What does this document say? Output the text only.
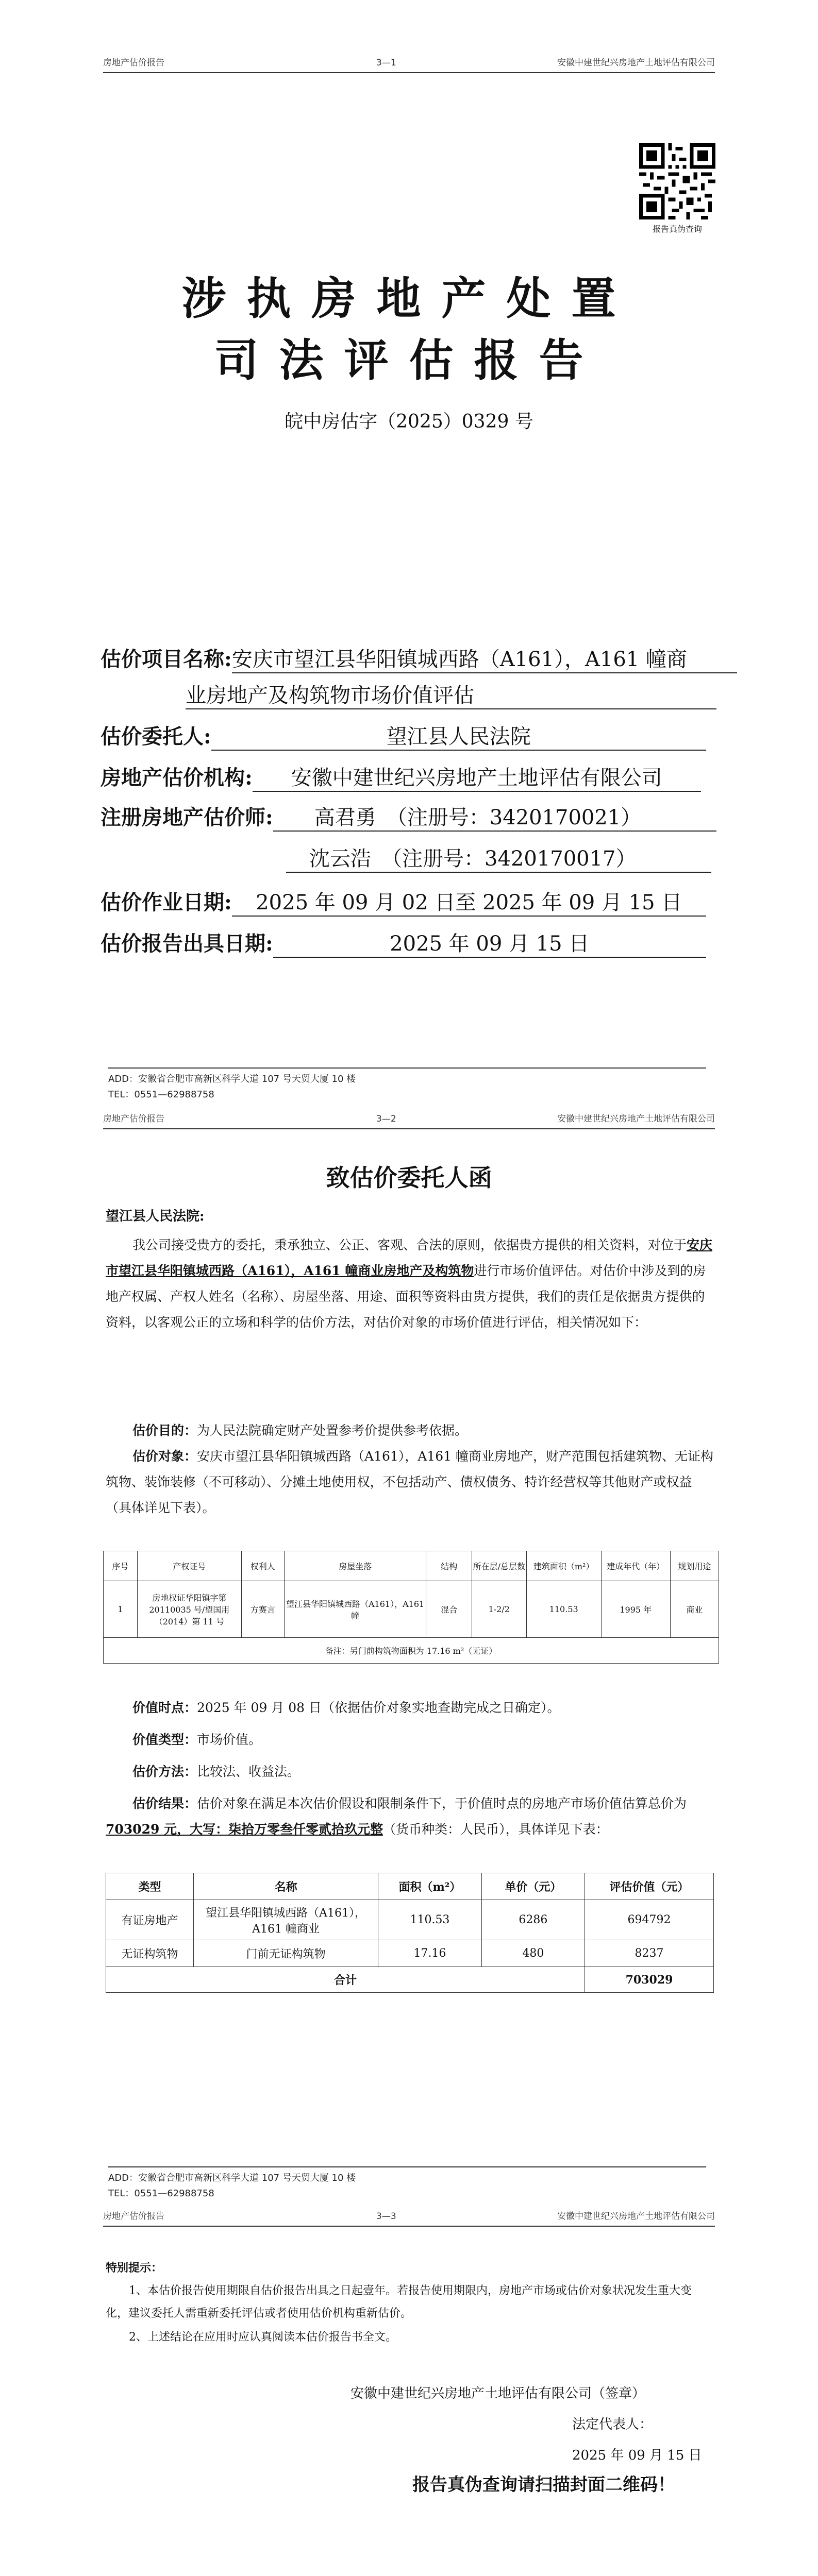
房地产估价报告	3—1	安徽中建世纪兴房地产土地评估有限公司
报告真伪查询
涉执房地产处置
司法评估报告
皖中房估字（2025）0329 号
估价项目名称:安庆市望江县华阳镇城西路（A161），A161 幢商
业房地产及构筑物市场价值评估
估价委托人:	望江县人民法院
房地产估价机构: 安徽中建世纪兴房地产土地评估有限公司
注册房地产估价师: 高君勇　（注册号：3420170021）
沈云浩　（注册号：3420170017）
估价作业日期: 2025 年 09 月 02 日至 2025 年 09 月 15 日
估价报告出具日期:	2025 年 09 月 15 日
ADD：安徽省合肥市高新区科学大道 107 号天贸大厦 10 楼
TEL：0551—62988758
房地产估价报告	3—2	安徽中建世纪兴房地产土地评估有限公司
致估价委托人函
望江县人民法院:
我公司接受贵方的委托，秉承独立、公正、客观、合法的原则，依据贵方提供的相关资料，对位于安庆市望江县华阳镇城西路（A161），A161 幢商业房地产及构筑物进行市场价值评估。对估价中涉及到的房地产权属、产权人姓名（名称）、房屋坐落、用途、面积等资料由贵方提供，我们的责任是依据贵方提供的资料，以客观公正的立场和科学的估价方法，对估价对象的市场价值进行评估，相关情况如下：
估价目的：为人民法院确定财产处置参考价提供参考依据。
估价对象：安庆市望江县华阳镇城西路（A161），A161 幢商业房地产，财产范围包括建筑物、无证构筑物、装饰装修（不可移动）、分摊土地使用权，不包括动产、债权债务、特许经营权等其他财产或权益（具体详见下表）。
序号	产权证号	权利人	房屋坐落	结构	所在层/总层数	建筑面积（m²）	建成年代（年）	规划用途
1	房地权证华阳镇字第 20110035 号/望国用（2014）第 11 号	方赛言	望江县华阳镇城西路（A161），A161 幢	混合	1-2/2	110.53	1995 年	商业
备注：另门前构筑物面积为 17.16 m²（无证）								
价值时点：2025 年 09 月 08 日（依据估价对象实地查勘完成之日确定）。
价值类型：市场价值。
估价方法：比较法、收益法。
估价结果：估价对象在满足本次估价假设和限制条件下，于价值时点的房地产市场价值估算总价为703029 元，大写：柒拾万零叁仟零贰拾玖元整（货币种类：人民币），具体详见下表：
类型	名称	面积（m²）	单价（元）	评估价值（元）
有证房地产	望江县华阳镇城西路（A161），A161 幢商业	110.53	6286	694792
无证构筑物	门前无证构筑物	17.16	480	8237
合计				703029
ADD：安徽省合肥市高新区科学大道 107 号天贸大厦 10 楼
TEL：0551—62988758
房地产估价报告	3—3	安徽中建世纪兴房地产土地评估有限公司
特别提示：
1、本估价报告使用期限自估价报告出具之日起壹年。若报告使用期限内，房地产市场或估价对象状况发生重大变化，建议委托人需重新委托评估或者使用估价机构重新估价。
2、上述结论在应用时应认真阅读本估价报告书全文。
安徽中建世纪兴房地产土地评估有限公司（签章）
法定代表人：
2025 年 09 月 15 日
报告真伪查询请扫描封面二维码！
